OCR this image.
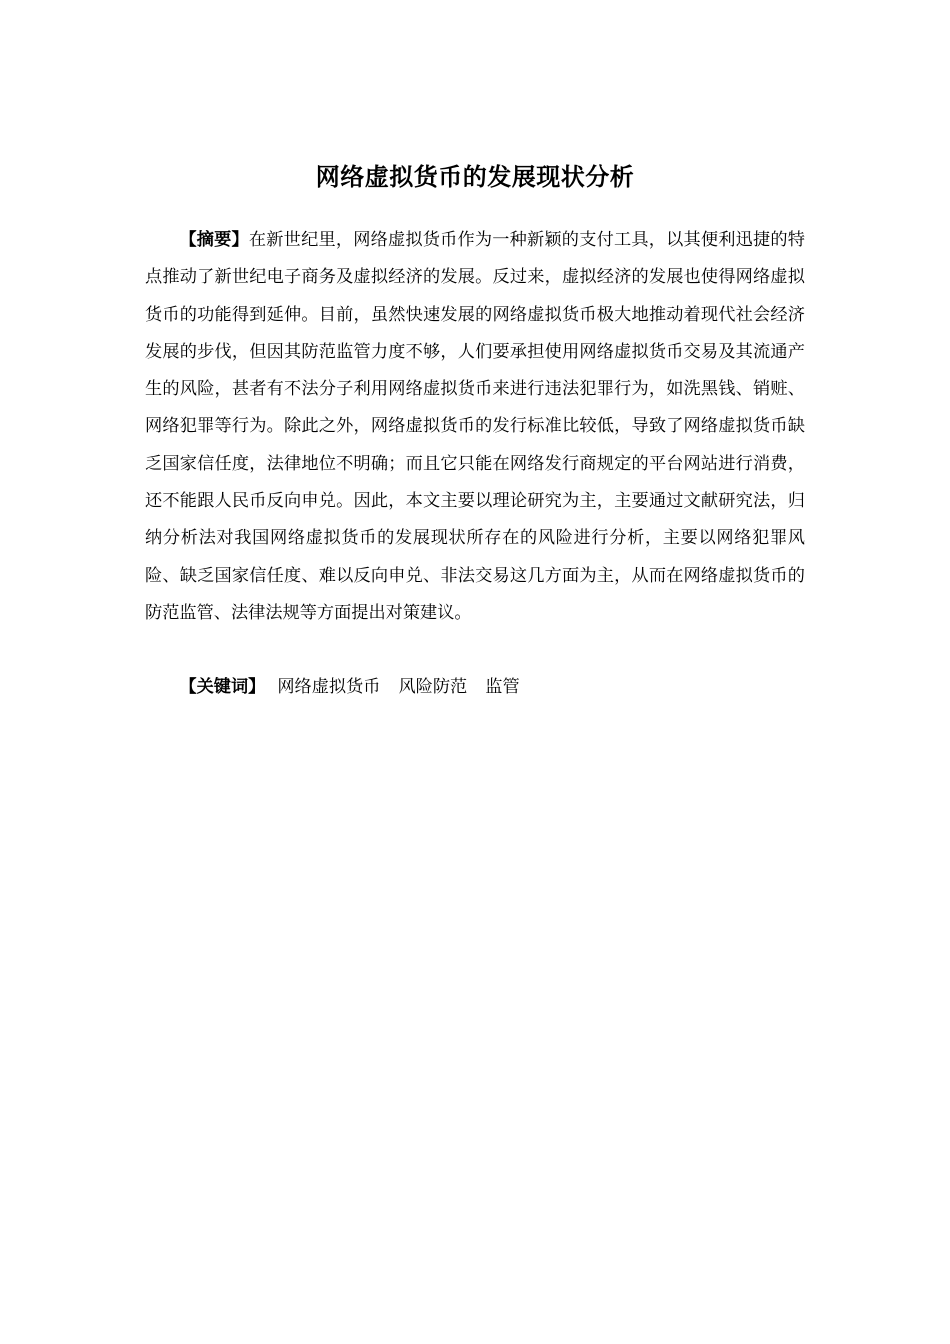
网络虚拟货币的发展现状分析

【摘要】在新世纪里，网络虚拟货币作为一种新颖的支付工具，以其便利迅捷的特点推动了新世纪电子商务及虚拟经济的发展。反过来，虚拟经济的发展也使得网络虚拟货币的功能得到延伸。目前，虽然快速发展的网络虚拟货币极大地推动着现代社会经济发展的步伐，但因其防范监管力度不够，人们要承担使用网络虚拟货币交易及其流通产生的风险，甚者有不法分子利用网络虚拟货币来进行违法犯罪行为，如洗黑钱、销赃、网络犯罪等行为。除此之外，网络虚拟货币的发行标准比较低，导致了网络虚拟货币缺乏国家信任度，法律地位不明确；而且它只能在网络发行商规定的平台网站进行消费，还不能跟人民币反向申兑。因此，本文主要以理论研究为主，主要通过文献研究法，归纳分析法对我国网络虚拟货币的发展现状所存在的风险进行分析，主要以网络犯罪风险、缺乏国家信任度、难以反向申兑、非法交易这几方面为主，从而在网络虚拟货币的防范监管、法律法规等方面提出对策建议。

【关键词】 网络虚拟货币 风险防范 监管
